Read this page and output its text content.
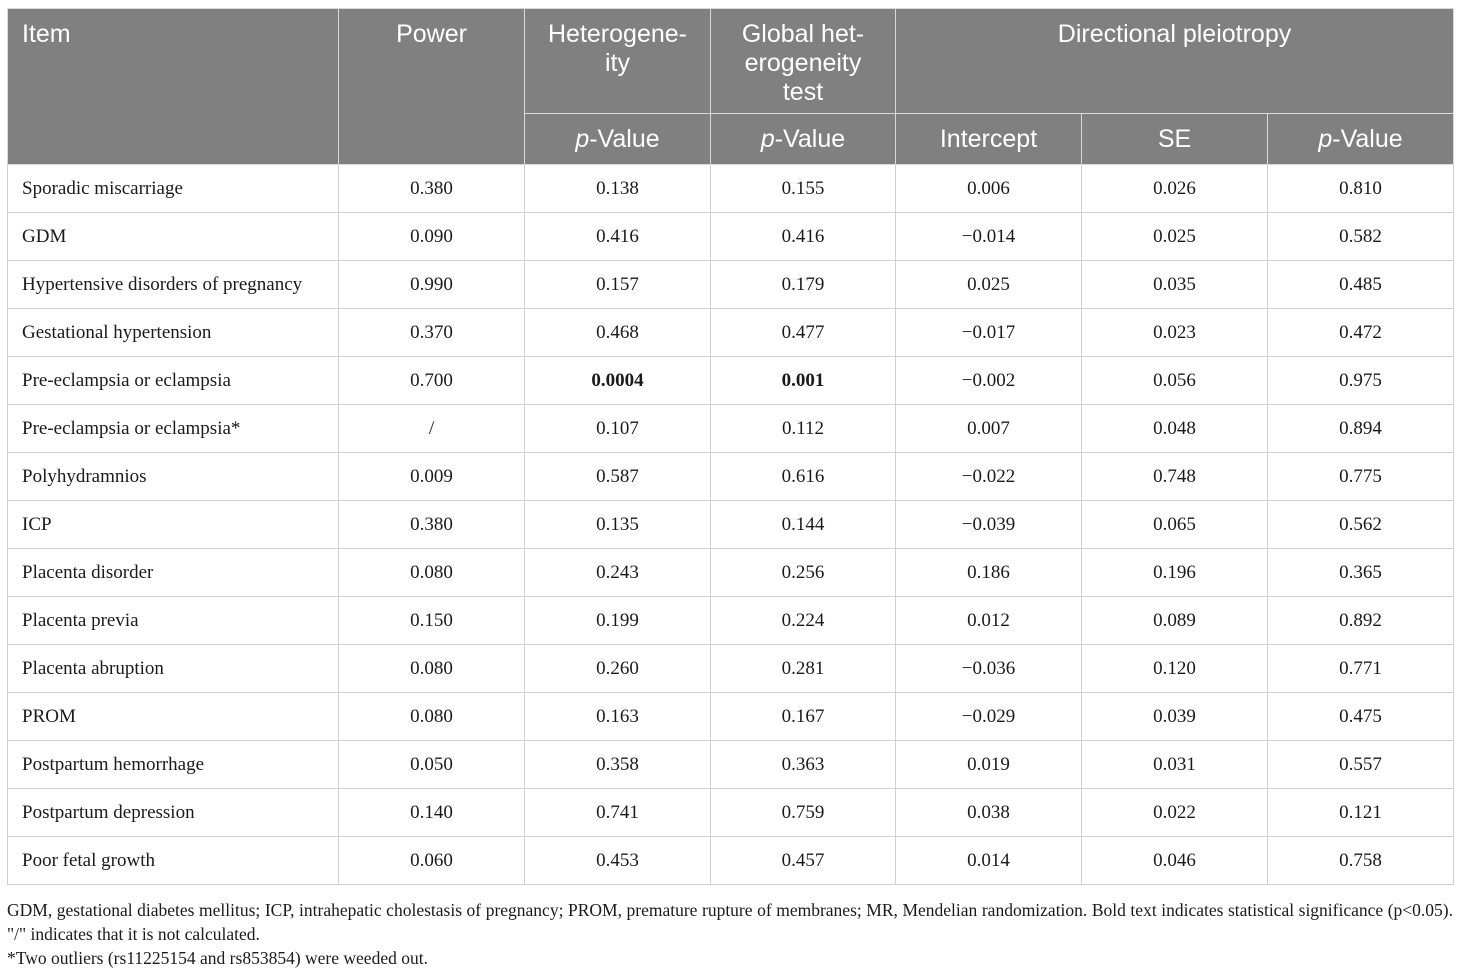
Item	Power	Heterogene-ity	Global het-erogeneity test	Directional pleiotropy		
		p-Value	p-Value	Intercept	SE	p-Value
Sporadic miscarriage	0.380	0.138	0.155	0.006	0.026	0.810
GDM	0.090	0.416	0.416	−0.014	0.025	0.582
Hypertensive disorders of pregnancy	0.990	0.157	0.179	0.025	0.035	0.485
Gestational hypertension	0.370	0.468	0.477	−0.017	0.023	0.472
Pre-eclampsia or eclampsia	0.700	0.0004	0.001	−0.002	0.056	0.975
Pre-eclampsia or eclampsia*	/	0.107	0.112	0.007	0.048	0.894
Polyhydramnios	0.009	0.587	0.616	−0.022	0.748	0.775
ICP	0.380	0.135	0.144	−0.039	0.065	0.562
Placenta disorder	0.080	0.243	0.256	0.186	0.196	0.365
Placenta previa	0.150	0.199	0.224	0.012	0.089	0.892
Placenta abruption	0.080	0.260	0.281	−0.036	0.120	0.771
PROM	0.080	0.163	0.167	−0.029	0.039	0.475
Postpartum hemorrhage	0.050	0.358	0.363	0.019	0.031	0.557
Postpartum depression	0.140	0.741	0.759	0.038	0.022	0.121
Poor fetal growth	0.060	0.453	0.457	0.014	0.046	0.758

GDM, gestational diabetes mellitus; ICP, intrahepatic cholestasis of pregnancy; PROM, premature rupture of membranes; MR, Mendelian randomization. Bold text indicates statistical significance (p<0.05). "/" indicates that it is not calculated.

*Two outliers (rs11225154 and rs853854) were weeded out.
